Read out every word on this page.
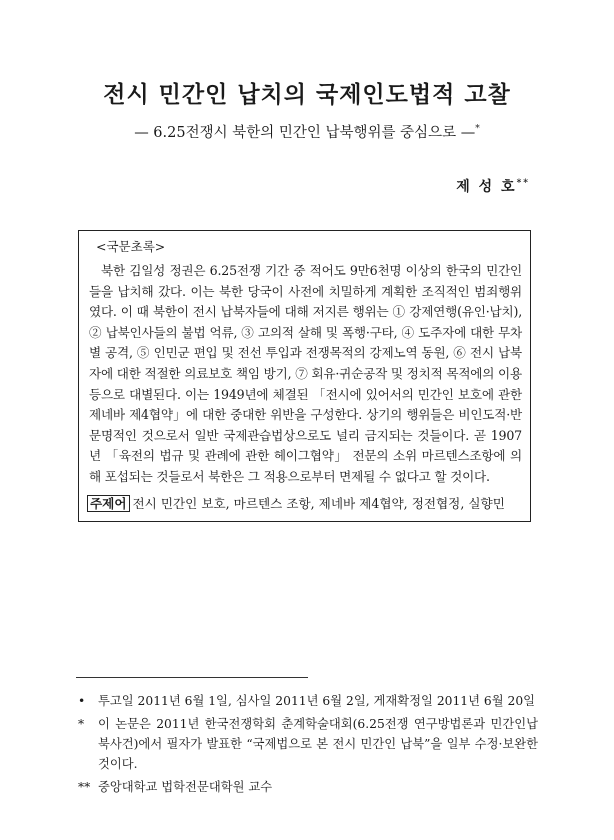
전시 민간인 납치의 국제인도법적 고찰
— 6.25전쟁시 북한의 민간인 납북행위를 중심으로 —*
제 성 호**
<국문초록>

북한 김일성 정권은 6.25전쟁 기간 중 적어도 9만6천명 이상의 한국의 민간인들을 납치해 갔다. 이는 북한 당국이 사전에 치밀하게 계획한 조직적인 범죄행위였다. 이 때 북한이 전시 납북자들에 대해 저지른 행위는 ① 강제연행(유인·납치), ② 납북인사들의 불법 억류, ③ 고의적 살해 및 폭행·구타, ④ 도주자에 대한 무차별 공격, ⑤ 인민군 편입 및 전선 투입과 전쟁목적의 강제노역 동원, ⑥ 전시 납북자에 대한 적절한 의료보호 책임 방기, ⑦ 회유·귀순공작 및 정치적 목적에의 이용 등으로 대별된다. 이는 1949년에 체결된 「전시에 있어서의 민간인 보호에 관한 제네바 제4협약」에 대한 중대한 위반을 구성한다. 상기의 행위들은 비인도적·반문명적인 것으로서 일반 국제관습법상으로도 널리 금지되는 것들이다. 곧 1907년 「육전의 법규 및 관례에 관한 헤이그협약」 전문의 소위 마르텐스조항에 의해 포섭되는 것들로서 북한은 그 적용으로부터 면제될 수 없다고 할 것이다.

주제어 전시 민간인 보호, 마르텐스 조항, 제네바 제4협약, 정전협정, 실향민

• 투고일 2011년 6월 1일, 심사일 2011년 6월 2일, 게재확정일 2011년 6월 20일

* 이 논문은 2011년 한국전쟁학회 춘계학술대회(6.25전쟁 연구방법론과 민간인납북사건)에서 필자가 발표한 “국제법으로 본 전시 민간인 납북”을 일부 수정·보완한 것이다.

** 중앙대학교 법학전문대학원 교수
